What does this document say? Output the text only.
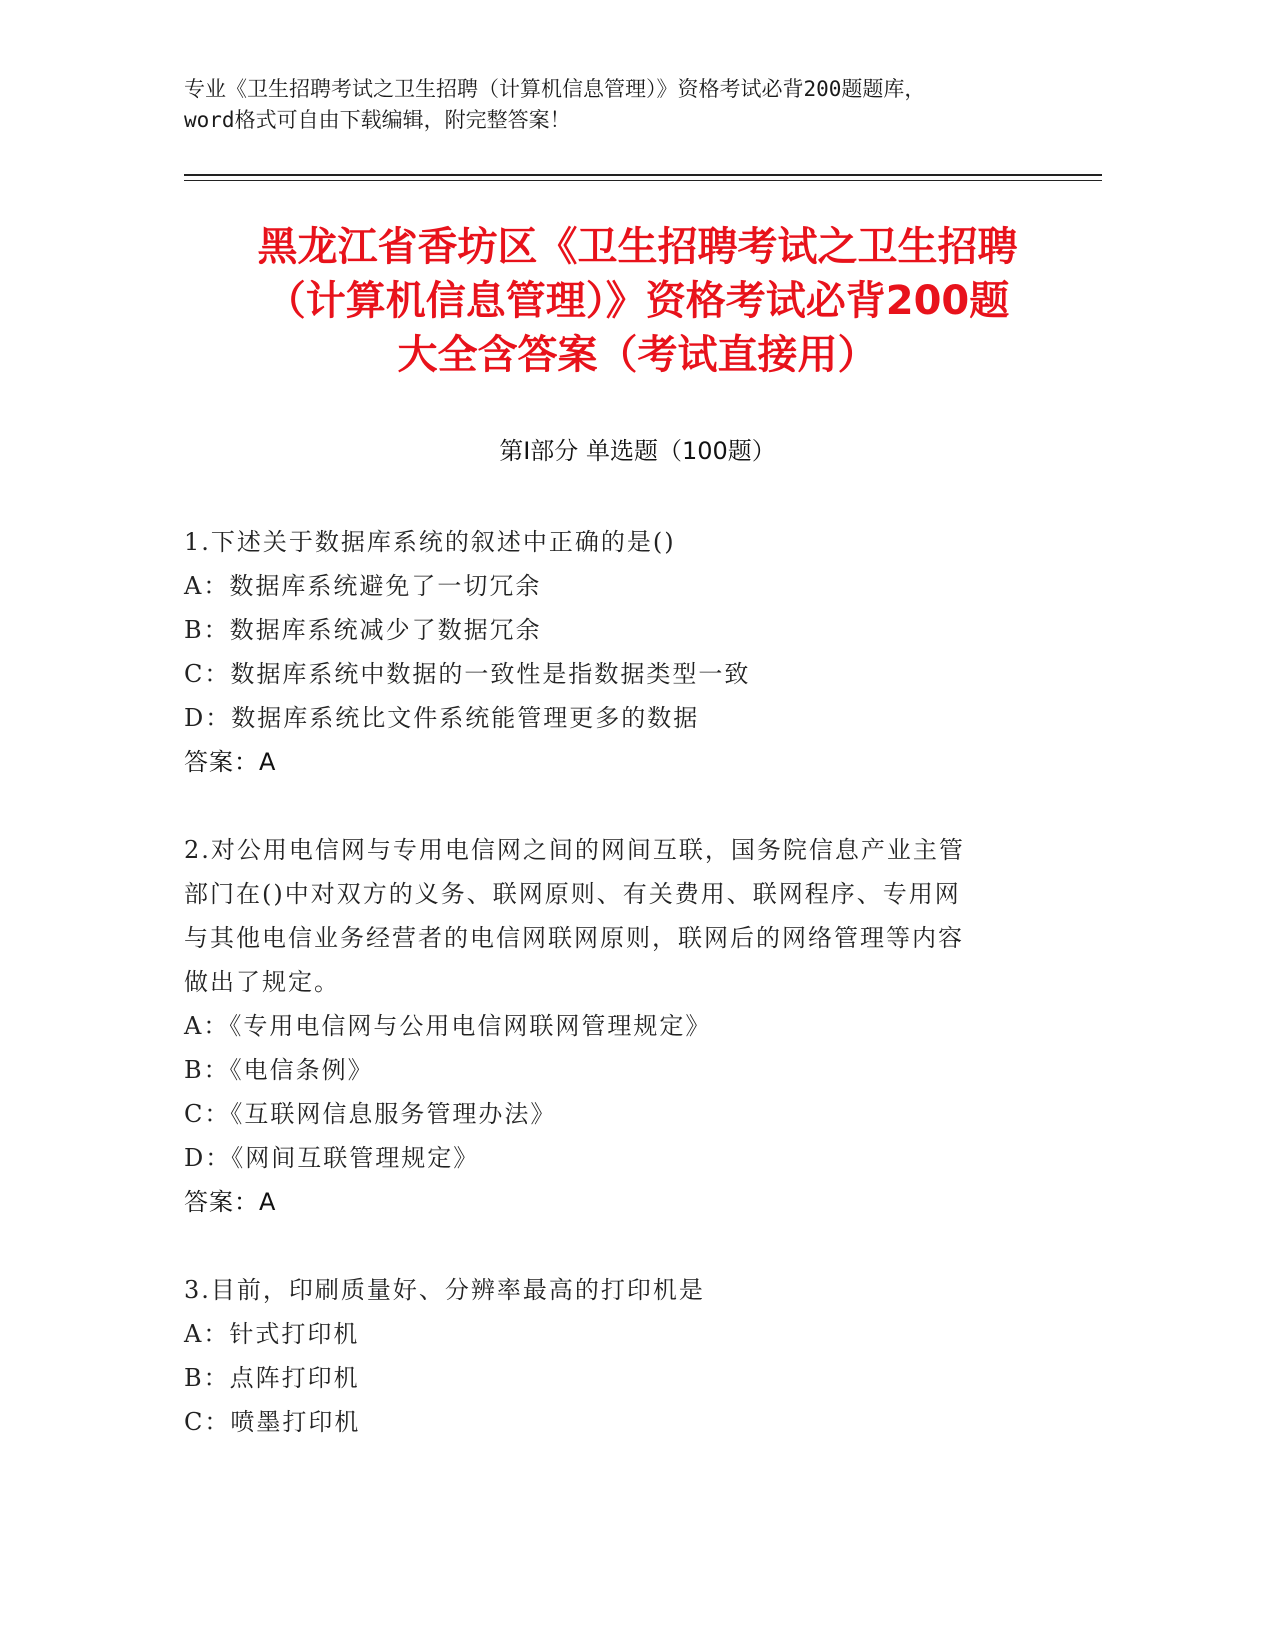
专业《卫生招聘考试之卫生招聘（计算机信息管理）》资格考试必背200题题库，
word格式可自由下载编辑，附完整答案！
黑龙江省香坊区《卫生招聘考试之卫生招聘
（计算机信息管理）》资格考试必背200题
大全含答案（考试直接用）
第Ⅰ部分 单选题（100题）
1.下述关于数据库系统的叙述中正确的是()
A：数据库系统避免了一切冗余
B：数据库系统减少了数据冗余
C：数据库系统中数据的一致性是指数据类型一致
D：数据库系统比文件系统能管理更多的数据
答案：A
2.对公用电信网与专用电信网之间的网间互联，国务院信息产业主管
部门在()中对双方的义务、联网原则、有关费用、联网程序、专用网
与其他电信业务经营者的电信网联网原则，联网后的网络管理等内容
做出了规定。
A：《专用电信网与公用电信网联网管理规定》
B：《电信条例》
C：《互联网信息服务管理办法》
D：《网间互联管理规定》
答案：A
3.目前，印刷质量好、分辨率最高的打印机是
A：针式打印机
B：点阵打印机
C：喷墨打印机
